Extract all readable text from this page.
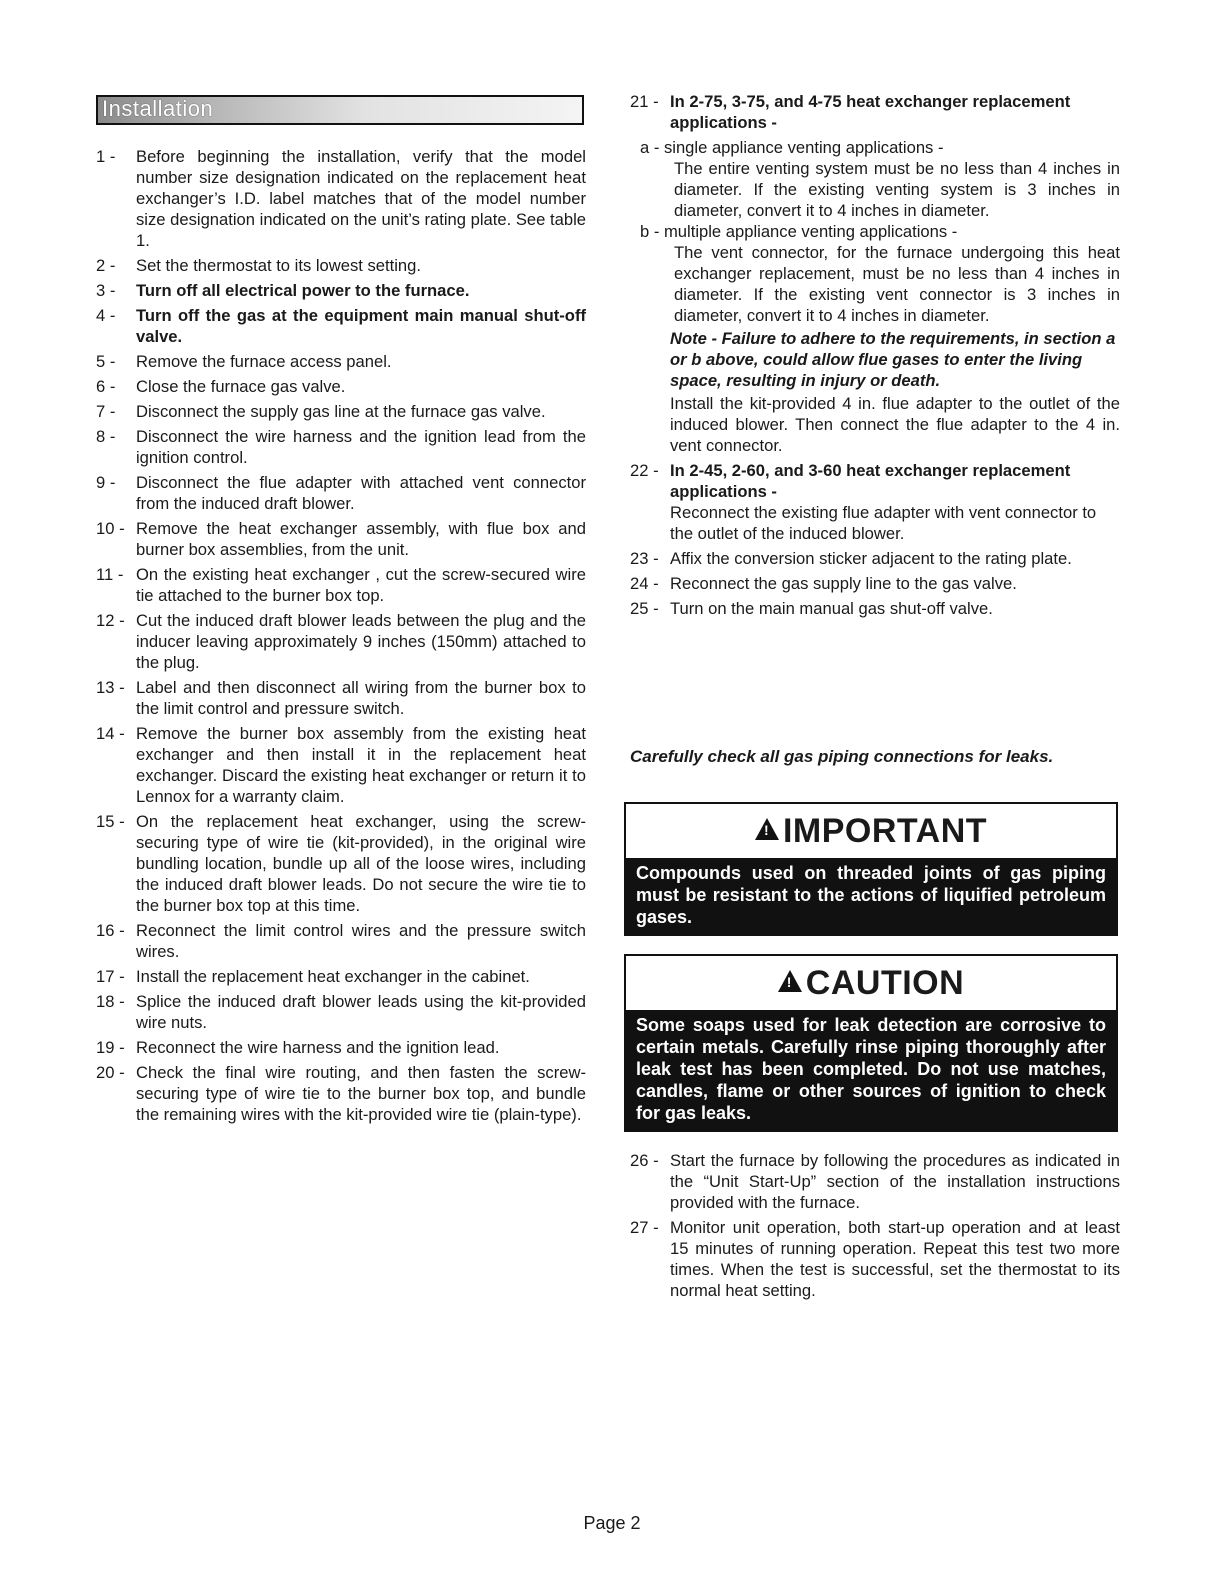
Installation
1 -	Before beginning the installation, verify that the model number size designation indicated on the replacement heat exchanger’s I.D. label matches that of the model number size designation indicated on the unit’s rating plate. See table 1.
2 -	Set the thermostat to its lowest setting.
3 -	Turn off all electrical power to the furnace.
4 -	Turn off the gas at the equipment main manual shut-off valve.
5 -	Remove the furnace access panel.
6 -	Close the furnace gas valve.
7 -	Disconnect the supply gas line at the furnace gas valve.
8 -	Disconnect the wire harness and the ignition lead from the ignition control.
9 -	Disconnect the flue adapter with attached vent connector from the induced draft blower.
10 - Remove the heat exchanger assembly, with flue box and burner box assemblies, from the unit.
11 - On the existing heat exchanger , cut the screw-secured wire tie attached to the burner box top.
12 - Cut the induced draft blower leads between the plug and the inducer leaving approximately 9 inches (150mm) attached to the plug.
13 - Label and then disconnect all wiring from the burner box to the limit control and pressure switch.
14 - Remove the burner box assembly from the existing heat exchanger and then install it in the replacement heat exchanger. Discard the existing heat exchanger or return it to Lennox for a warranty claim.
15 - On the replacement heat exchanger, using the screw-securing type of wire tie (kit-provided), in the original wire bundling location, bundle up all of the loose wires, including the induced draft blower leads. Do not secure the wire tie to the burner box top at this time.
16 - Reconnect the limit control wires and the pressure switch wires.
17 - Install the replacement heat exchanger in the cabinet.
18 - Splice the induced draft blower leads using the kit-provided wire nuts.
19 - Reconnect the wire harness and the ignition lead.
20 - Check the final wire routing, and then fasten the screw-securing type of wire tie to the burner box top, and bundle the remaining wires with the kit-provided wire tie (plain-type).
21 - In 2-75, 3-75, and 4-75 heat exchanger replacement applications -
a - single appliance venting applications -
The entire venting system must be no less than 4 inches in diameter. If the existing venting system is 3 inches in diameter, convert it to 4 inches in diameter.
b - multiple appliance venting applications -
The vent connector, for the furnace undergoing this heat exchanger replacement, must be no less than 4 inches in diameter. If the existing vent connector is 3 inches in diameter, convert it to 4 inches in diameter.
Note - Failure to adhere to the requirements, in section a or b above, could allow flue gases to enter the living space, resulting in injury or death.
Install the kit-provided 4 in. flue adapter to the outlet of the induced blower. Then connect the flue adapter to the 4 in. vent connector.
22 - In 2-45, 2-60, and 3-60 heat exchanger replacement applications -
Reconnect the existing flue adapter with vent connector to the outlet of the induced blower.
23 - Affix the conversion sticker adjacent to the rating plate.
24 - Reconnect the gas supply line to the gas valve.
25 - Turn on the main manual gas shut-off valve.
Carefully check all gas piping connections for leaks.
!
IMPORTANT
Compounds used on threaded joints of gas piping must be resistant to the actions of liquified petroleum gases.
!
CAUTION
Some soaps used for leak detection are corrosive to certain metals. Carefully rinse piping thoroughly after leak test has been completed. Do not use matches, candles, flame or other sources of ignition to check for gas leaks.
26 - Start the furnace by following the procedures as indicated in the “Unit Start-Up” section of the installation instructions provided with the furnace.
27 - Monitor unit operation, both start-up operation and at least 15 minutes of running operation. Repeat this test two more times. When the test is successful, set the thermostat to its normal heat setting.
Page 2
